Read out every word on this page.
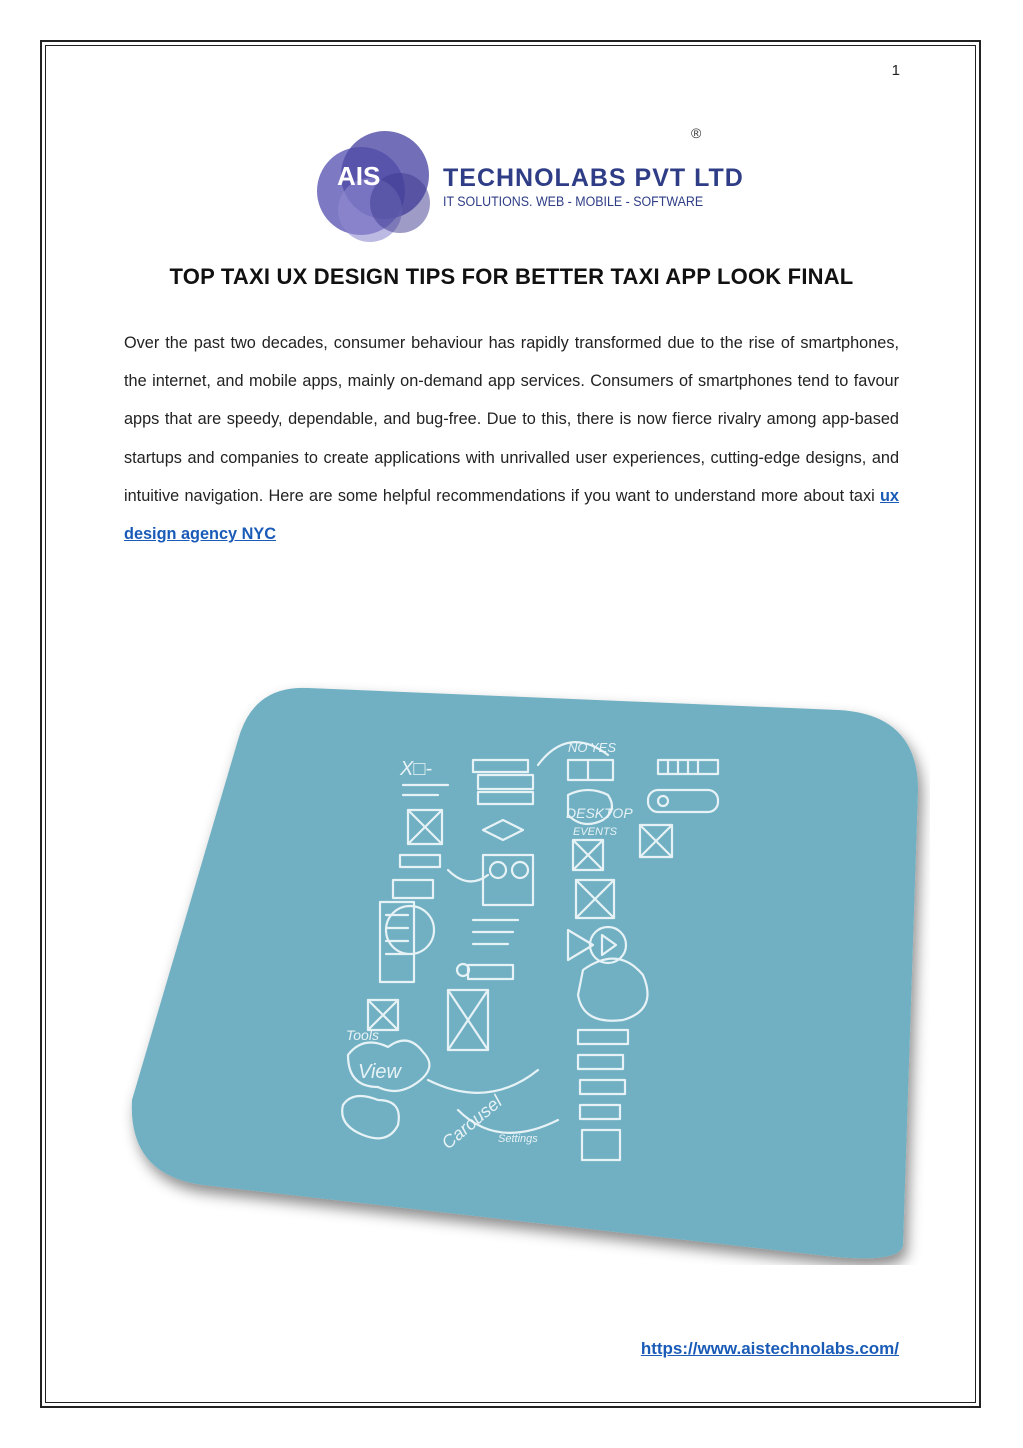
1
AIS	TECHNOLABS PVT LTD
IT SOLUTIONS. WEB - MOBILE - SOFTWARE
®
TOP TAXI UX DESIGN TIPS FOR BETTER TAXI APP LOOK FINAL
Over the past two decades, consumer behaviour has rapidly transformed due to the rise of smartphones, the internet, and mobile apps, mainly on-demand app services. Consumers of smartphones tend to favour apps that are speedy, dependable, and bug-free. Due to this, there is now fierce rivalry among app-based startups and companies to create applications with unrivalled user experiences, cutting-edge designs, and intuitive navigation. Here are some helpful recommendations if you want to understand more about taxi ux design agency NYC
X□-
NO YES
DESKTOP
EVENTS
Tools
View
Carousel
Settings
https://www.aistechnolabs.com/
